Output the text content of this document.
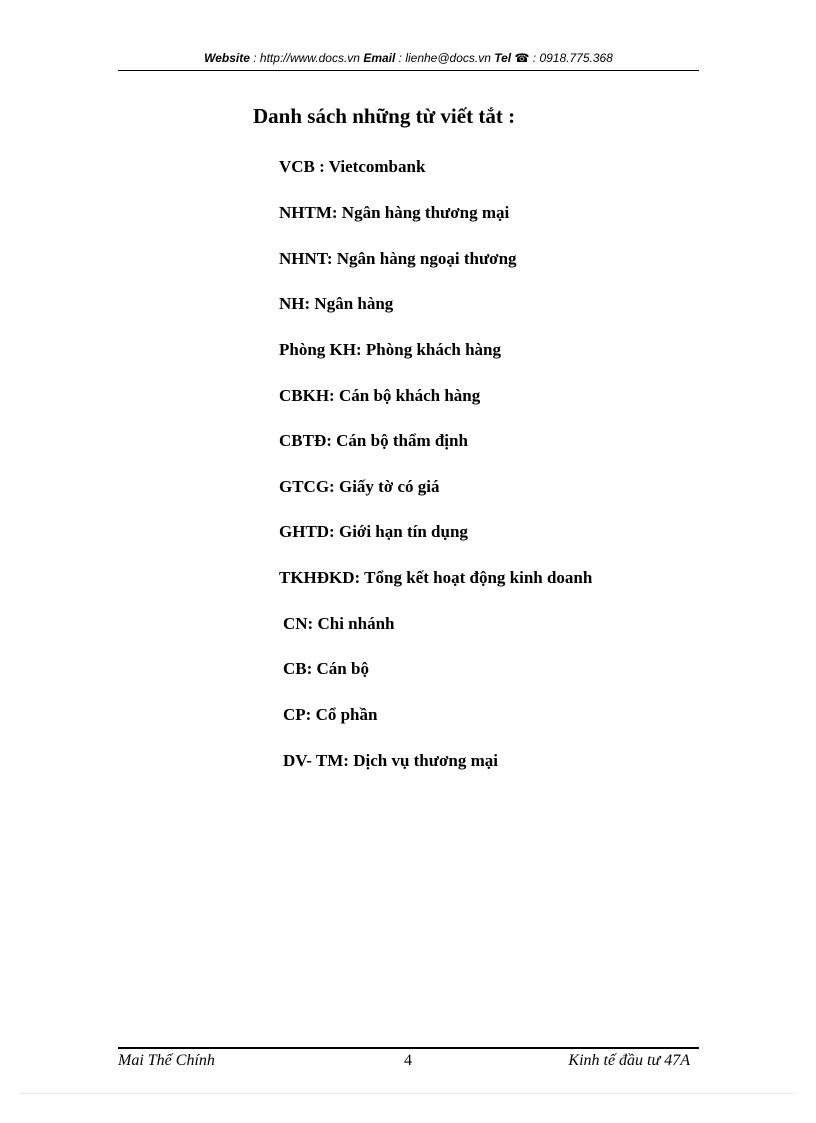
Website : http://www.docs.vn Email : lienhe@docs.vn Tel ☎ : 0918.775.368
Danh sách những từ viết tắt :
VCB : Vietcombank
NHTM: Ngân hàng thương mại
NHNT: Ngân hàng ngoại thương
NH: Ngân hàng
Phòng KH: Phòng khách hàng
CBKH: Cán bộ khách hàng
CBTĐ: Cán bộ thẩm định
GTCG: Giấy tờ có giá
GHTD: Giới hạn tín dụng
TKHĐKD: Tổng kết hoạt động kinh doanh
CN: Chi nhánh
CB: Cán bộ
CP: Cổ phần
DV- TM: Dịch vụ thương mại
Mai Thế Chính	4	Kinh tế đầu tư 47A
